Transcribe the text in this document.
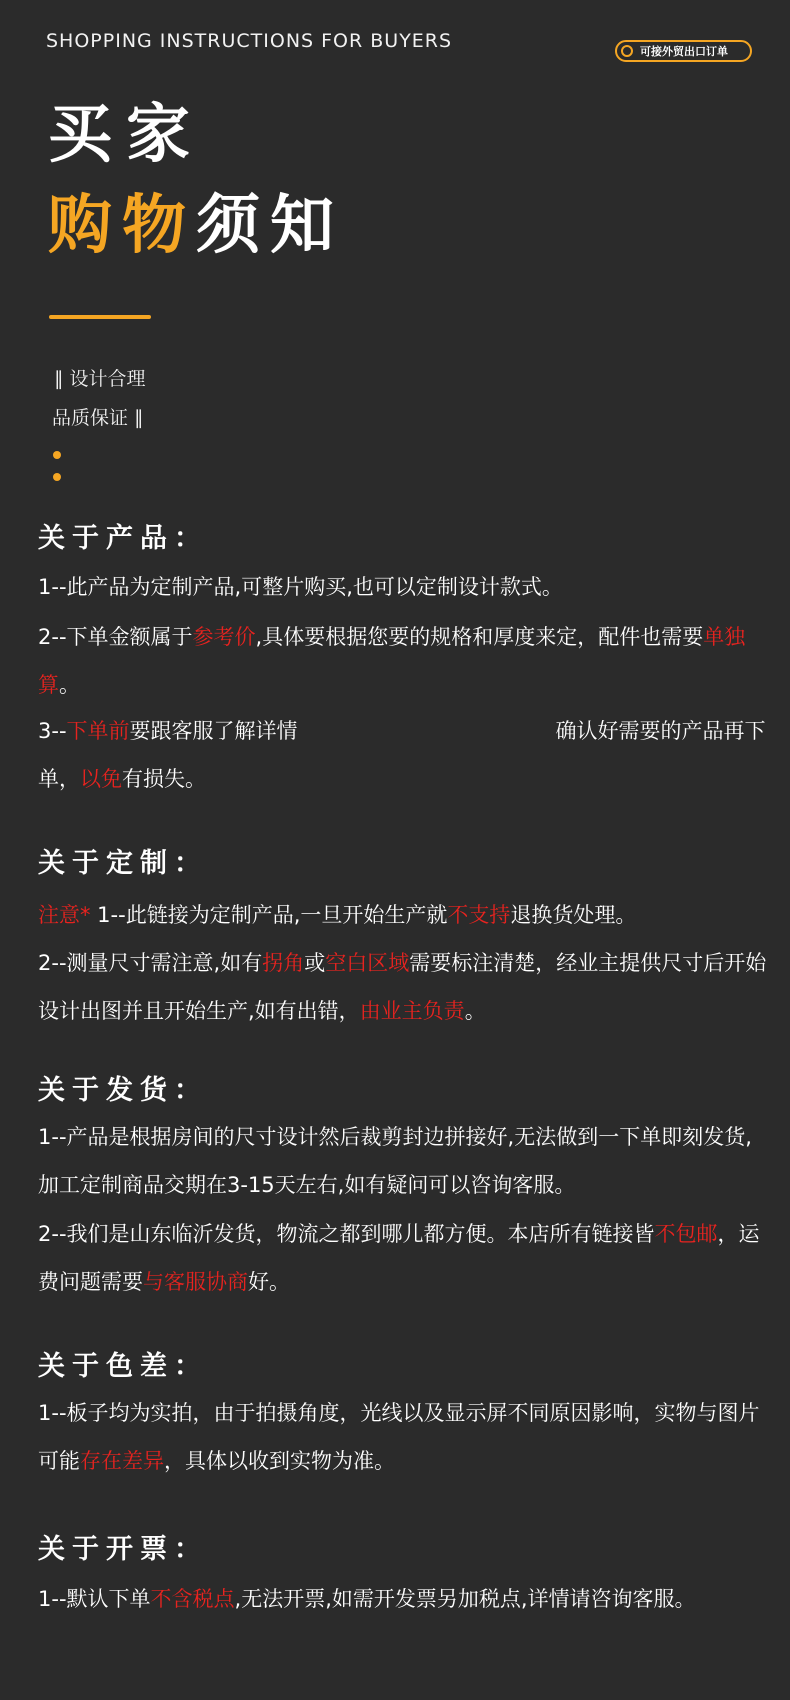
SHOPPING INSTRUCTIONS FOR BUYERS	可接外贸出口订单
买家
购物须知
∥ 设计合理
品质保证 ∥
关于产品：
1--此产品为定制产品,可整片购买,也可以定制设计款式。
2--下单金额属于参考价,具体要根据您要的规格和厚度来定，配件也需要单独算。
3--下单前要跟客服了解详情	确认好需要的产品再下单，以免有损失。
关于定制：
注意* 1--此链接为定制产品,一旦开始生产就不支持退换货处理。
2--测量尺寸需注意,如有拐角或空白区域需要标注清楚，经业主提供尺寸后开始设计出图并且开始生产,如有出错，由业主负责。
关于发货：
1--产品是根据房间的尺寸设计然后裁剪封边拼接好,无法做到一下单即刻发货,加工定制商品交期在3-15天左右,如有疑问可以咨询客服。
2--我们是山东临沂发货，物流之都到哪儿都方便。本店所有链接皆不包邮，运费问题需要与客服协商好。
关于色差：
1--板子均为实拍，由于拍摄角度，光线以及显示屏不同原因影响，实物与图片可能存在差异，具体以收到实物为准。
关于开票：
1--默认下单不含税点,无法开票,如需开发票另加税点,详情请咨询客服。
